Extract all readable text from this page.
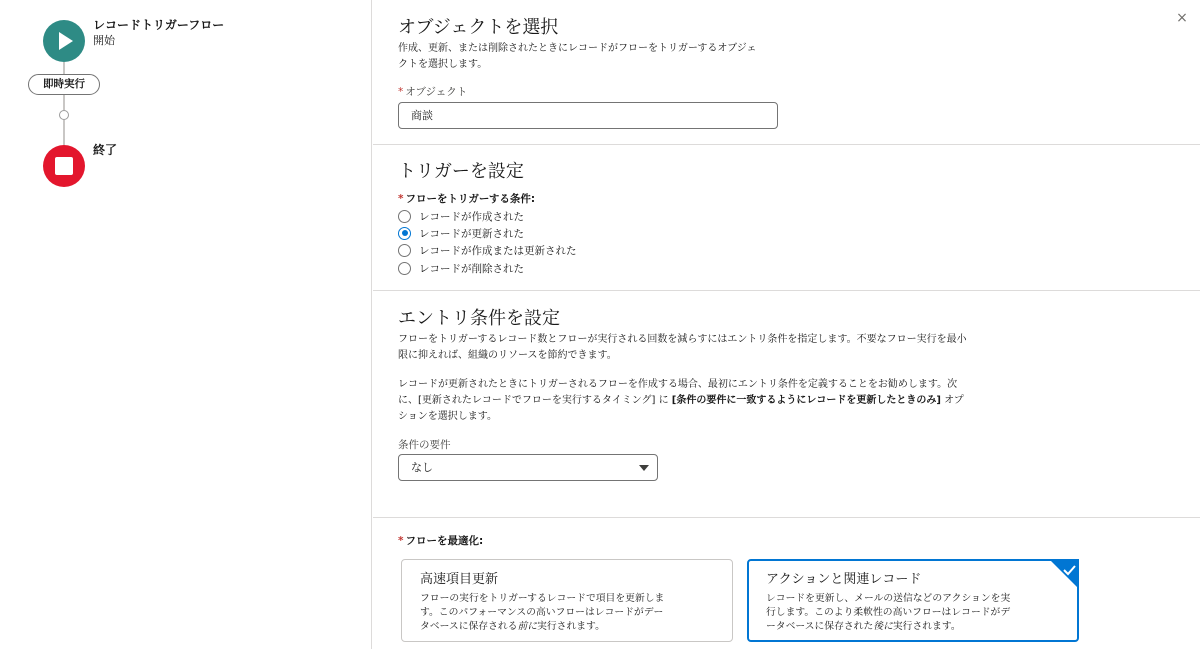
レコードトリガーフロー
開始
即時実行
終了
×
オブジェクトを選択
作成、更新、または削除されたときにレコードがフローをトリガーするオブジェ
クトを選択します。
* オブジェクト
商談
トリガーを設定
* フローをトリガーする条件:
レコードが作成された
レコードが更新された
レコードが作成または更新された
レコードが削除された
エントリ条件を設定
フローをトリガーするレコード数とフローが実行される回数を減らすにはエントリ条件を指定します。不要なフロー実行を最小
限に抑えれば、組織のリソースを節約できます。
レコードが更新されたときにトリガーされるフローを作成する場合、最初にエントリ条件を定義することをお勧めします。次
に、[更新されたレコードでフローを実行するタイミング] に [条件の要件に一致するようにレコードを更新したときのみ] オプ
ションを選択します。
条件の要件
なし
* フローを最適化:
高速項目更新
フローの実行をトリガーするレコードで項目を更新しま
す。このパフォーマンスの高いフローはレコードがデー
タベースに保存される前に実行されます。
アクションと関連レコード
レコードを更新し、メールの送信などのアクションを実
行します。このより柔軟性の高いフローはレコードがデ
ータベースに保存された後に実行されます。
